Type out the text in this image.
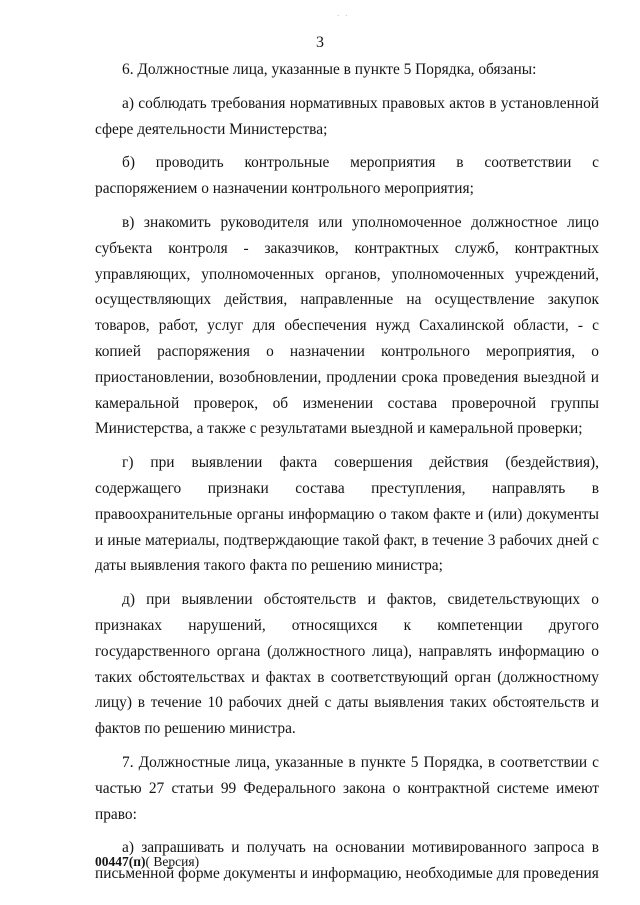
· ·
3

6. Должностные лица, указанные в пункте 5 Порядка, обязаны:

а) соблюдать требования нормативных правовых актов в установленной сфере деятельности Министерства;

б) проводить контрольные мероприятия в соответствии с распоряжением о назначении контрольного мероприятия;

в) знакомить руководителя или уполномоченное должностное лицо субъекта контроля - заказчиков, контрактных служб, контрактных управляющих, уполномоченных органов, уполномоченных учреждений, осуществляющих действия, направленные на осуществление закупок товаров, работ, услуг для обеспечения нужд Сахалинской области, - с копией распоряжения о назначении контрольного мероприятия, о приостановлении, возобновлении, продлении срока проведения выездной и камеральной проверок, об изменении состава проверочной группы Министерства, а также с результатами выездной и камеральной проверки;

г) при выявлении факта совершения действия (бездействия), содержащего признаки состава преступления, направлять в правоохранительные органы информацию о таком факте и (или) документы и иные материалы, подтверждающие такой факт, в течение 3 рабочих дней с даты выявления такого факта по решению министра;

д) при выявлении обстоятельств и фактов, свидетельствующих о признаках нарушений, относящихся к компетенции другого государственного органа (должностного лица), направлять информацию о таких обстоятельствах и фактах в соответствующий орган (должностному лицу) в течение 10 рабочих дней с даты выявления таких обстоятельств и фактов по решению министра.

7. Должностные лица, указанные в пункте 5 Порядка, в соответствии с частью 27 статьи 99 Федерального закона о контрактной системе имеют право:

а) запрашивать и получать на основании мотивированного запроса в письменной форме документы и информацию, необходимые для проведения

00447(п)( Версия)
